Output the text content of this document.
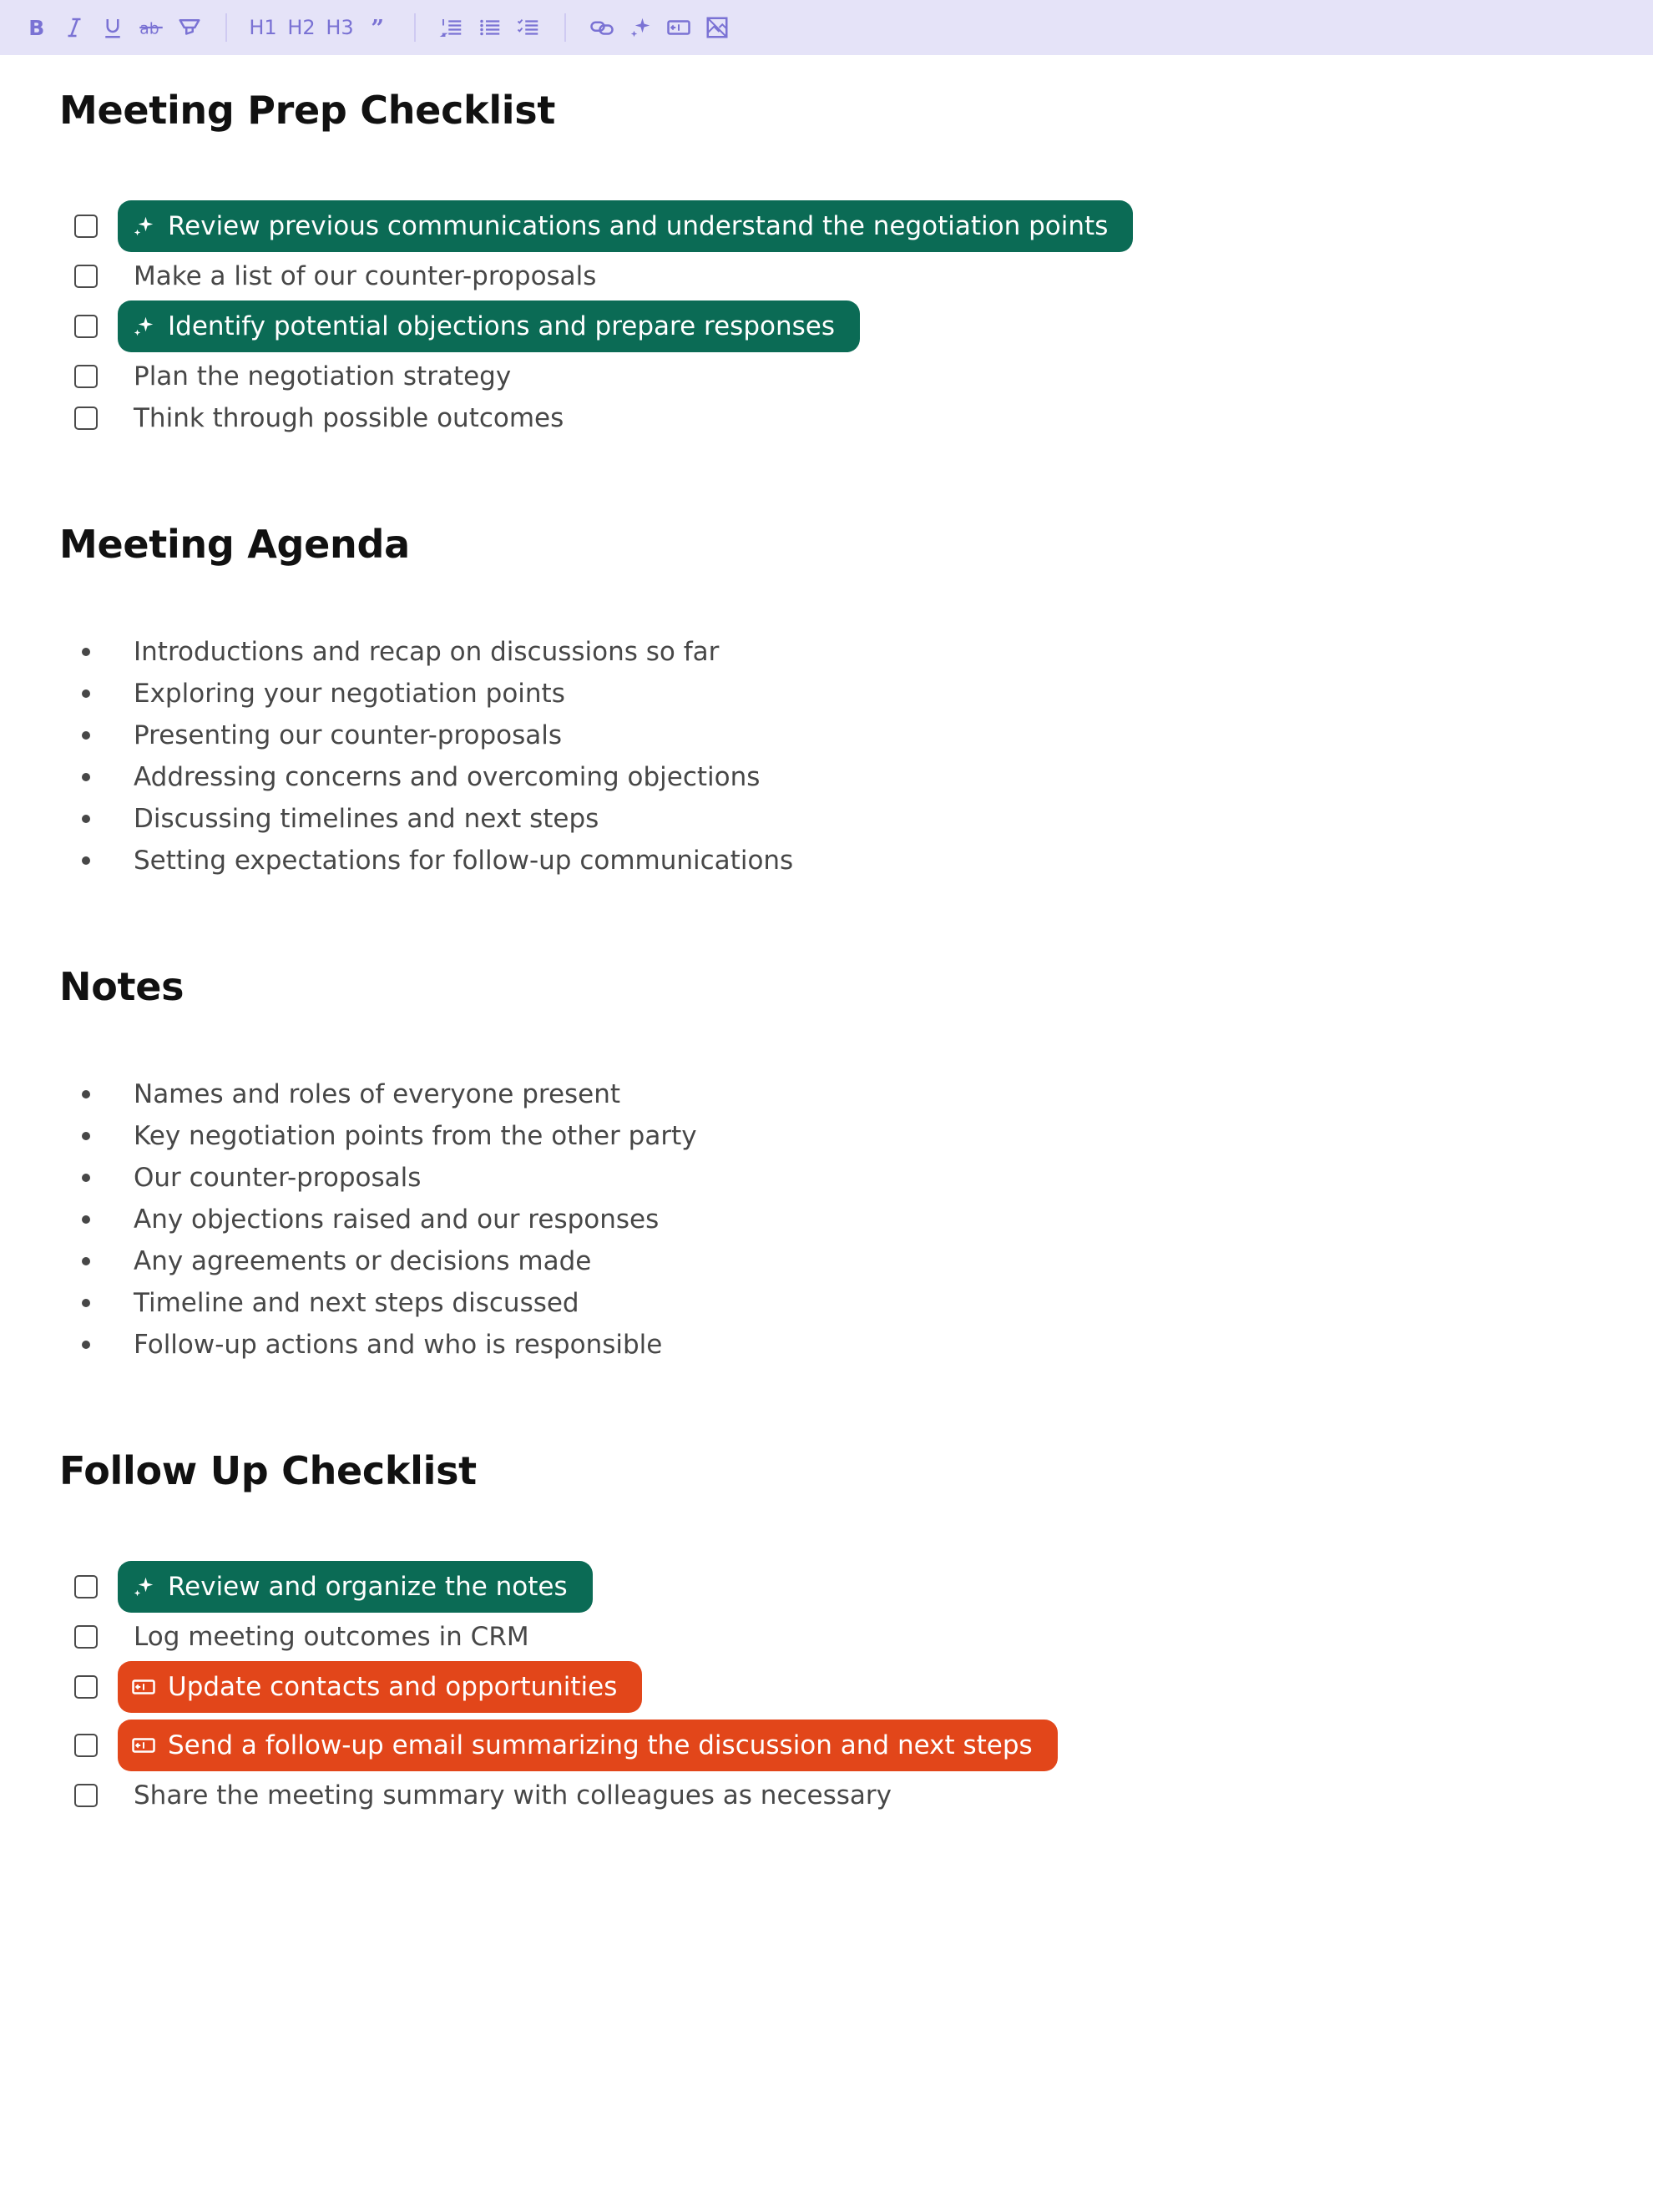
B	ab	H1 H2 H3 ”
Meeting Prep Checklist
Review previous communications and understand the negotiation points
Make a list of our counter-proposals
Identify potential objections and prepare responses
Plan the negotiation strategy
Think through possible outcomes
Meeting Agenda
Introductions and recap on discussions so far
Exploring your negotiation points
Presenting our counter-proposals
Addressing concerns and overcoming objections
Discussing timelines and next steps
Setting expectations for follow-up communications
Notes
Names and roles of everyone present
Key negotiation points from the other party
Our counter-proposals
Any objections raised and our responses
Any agreements or decisions made
Timeline and next steps discussed
Follow-up actions and who is responsible
Follow Up Checklist
Review and organize the notes
Log meeting outcomes in CRM
Update contacts and opportunities
Send a follow-up email summarizing the discussion and next steps
Share the meeting summary with colleagues as necessary
